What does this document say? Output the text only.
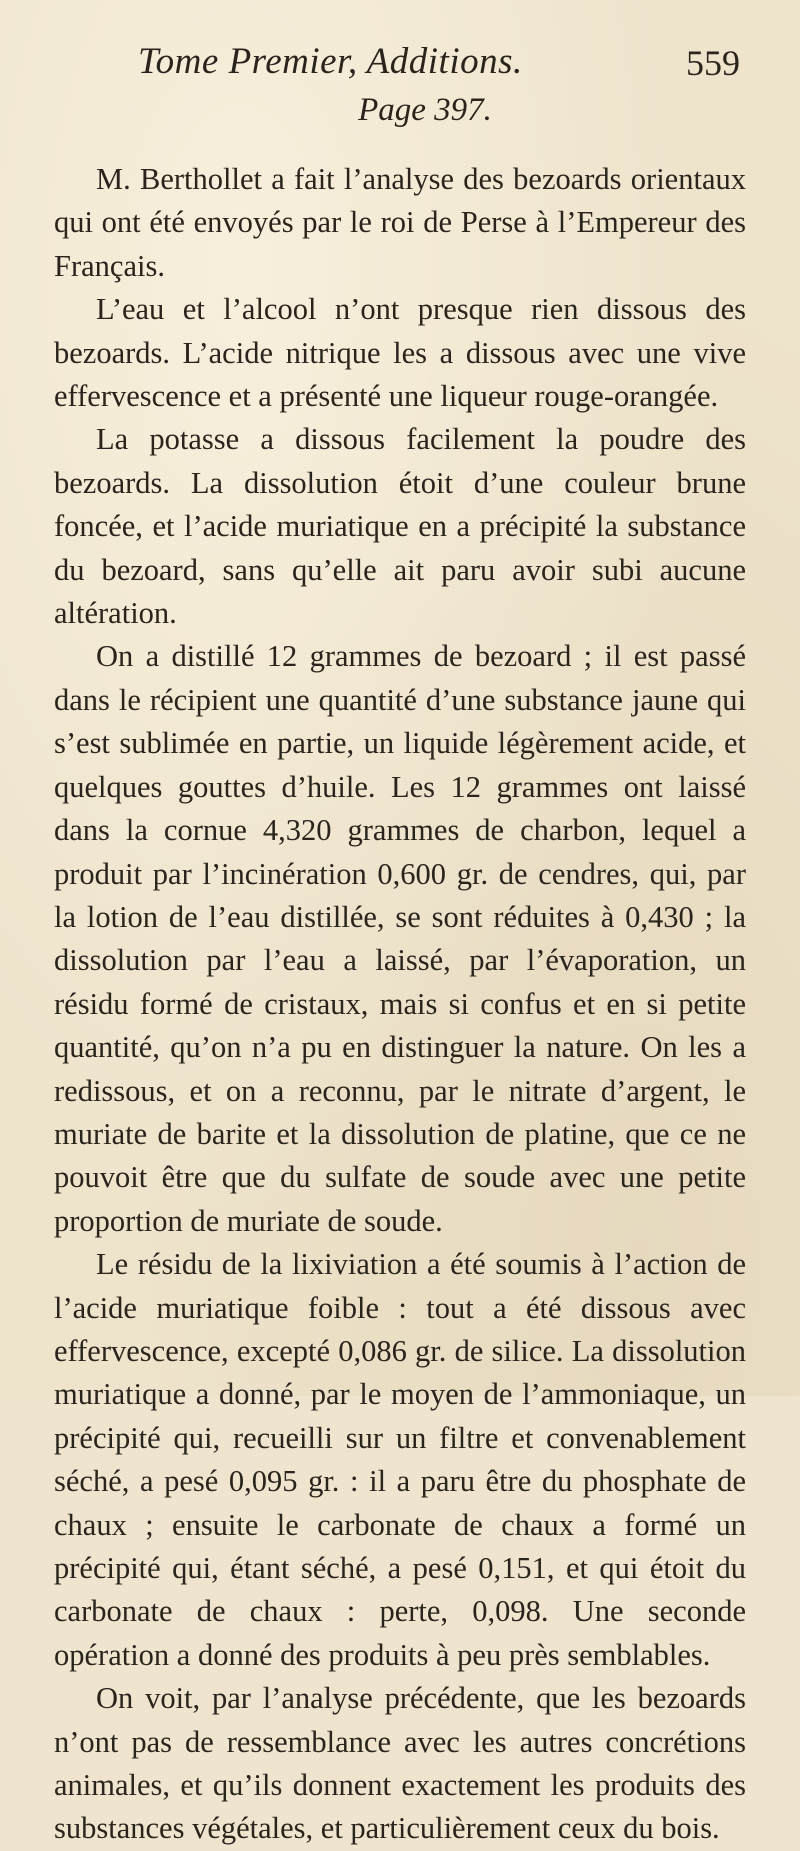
Tome Premier, Additions.	559
Page 397.

M. Berthollet a fait l’analyse des bezoards orientaux qui ont été envoyés par le roi de Perse à l’Empereur des Français.

L’eau et l’alcool n’ont presque rien dissous des bezoards. L’acide nitrique les a dissous avec une vive effervescence et a présenté une liqueur rouge-orangée.

La potasse a dissous facilement la poudre des bezoards. La dissolution étoit d’une couleur brune foncée, et l’acide muriatique en a précipité la substance du bezoard, sans qu’elle ait paru avoir subi aucune altération.

On a distillé 12 grammes de bezoard ; il est passé dans le récipient une quantité d’une substance jaune qui s’est sublimée en partie, un liquide légèrement acide, et quelques gouttes d’huile. Les 12 grammes ont laissé dans la cornue 4,320 grammes de charbon, lequel a produit par l’incinération 0,600 gr. de cendres, qui, par la lotion de l’eau distillée, se sont réduites à 0,430 ; la dissolution par l’eau a laissé, par l’évaporation, un résidu formé de cristaux, mais si confus et en si petite quantité, qu’on n’a pu en distinguer la nature. On les a redissous, et on a reconnu, par le nitrate d’argent, le muriate de barite et la dissolution de platine, que ce ne pouvoit être que du sulfate de soude avec une petite proportion de muriate de soude.

Le résidu de la lixiviation a été soumis à l’action de l’acide muriatique foible : tout a été dissous avec effervescence, excepté 0,086 gr. de silice. La dissolution muriatique a donné, par le moyen de l’ammoniaque, un précipité qui, recueilli sur un filtre et convenablement séché, a pesé 0,095 gr. : il a paru être du phosphate de chaux ; ensuite le carbonate de chaux a formé un précipité qui, étant séché, a pesé 0,151, et qui étoit du carbonate de chaux : perte, 0,098. Une seconde opération a donné des produits à peu près semblables.

On voit, par l’analyse précédente, que les bezoards n’ont pas de ressemblance avec les autres concrétions animales, et qu’ils donnent exactement les produits des substances végétales, et particulièrement ceux du bois.
